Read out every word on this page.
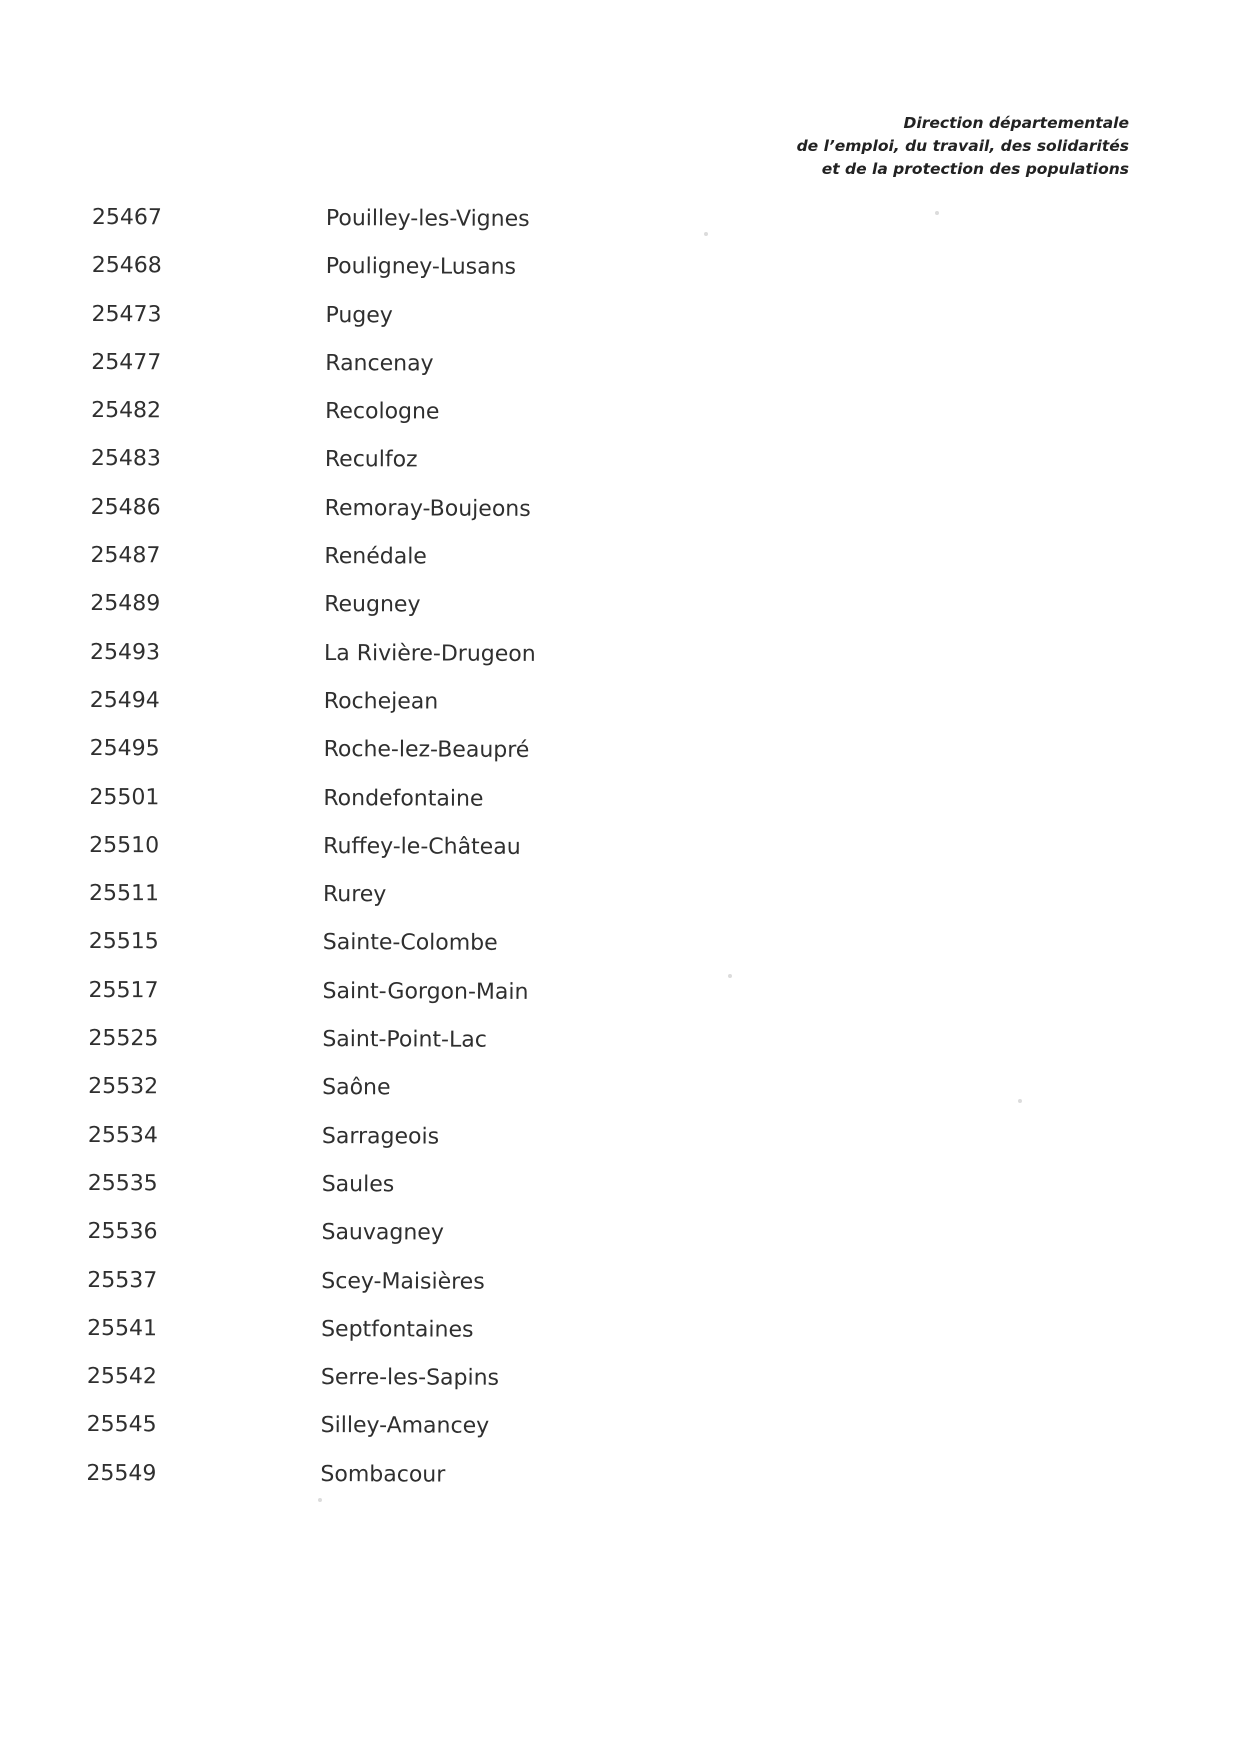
Direction départementale
de l’emploi, du travail, des solidarités
et de la protection des populations
25467	Pouilley-les-Vignes
25468	Pouligney-Lusans
25473	Pugey
25477	Rancenay
25482	Recologne
25483	Reculfoz
25486	Remoray-Boujeons
25487	Renédale
25489	Reugney
25493	La Rivière-Drugeon
25494	Rochejean
25495	Roche-lez-Beaupré
25501	Rondefontaine
25510	Ruffey-le-Château
25511	Rurey
25515	Sainte-Colombe
25517	Saint-Gorgon-Main
25525	Saint-Point-Lac
25532	Saône
25534	Sarrageois
25535	Saules
25536	Sauvagney
25537	Scey-Maisières
25541	Septfontaines
25542	Serre-les-Sapins
25545	Silley-Amancey
25549	Sombacour
